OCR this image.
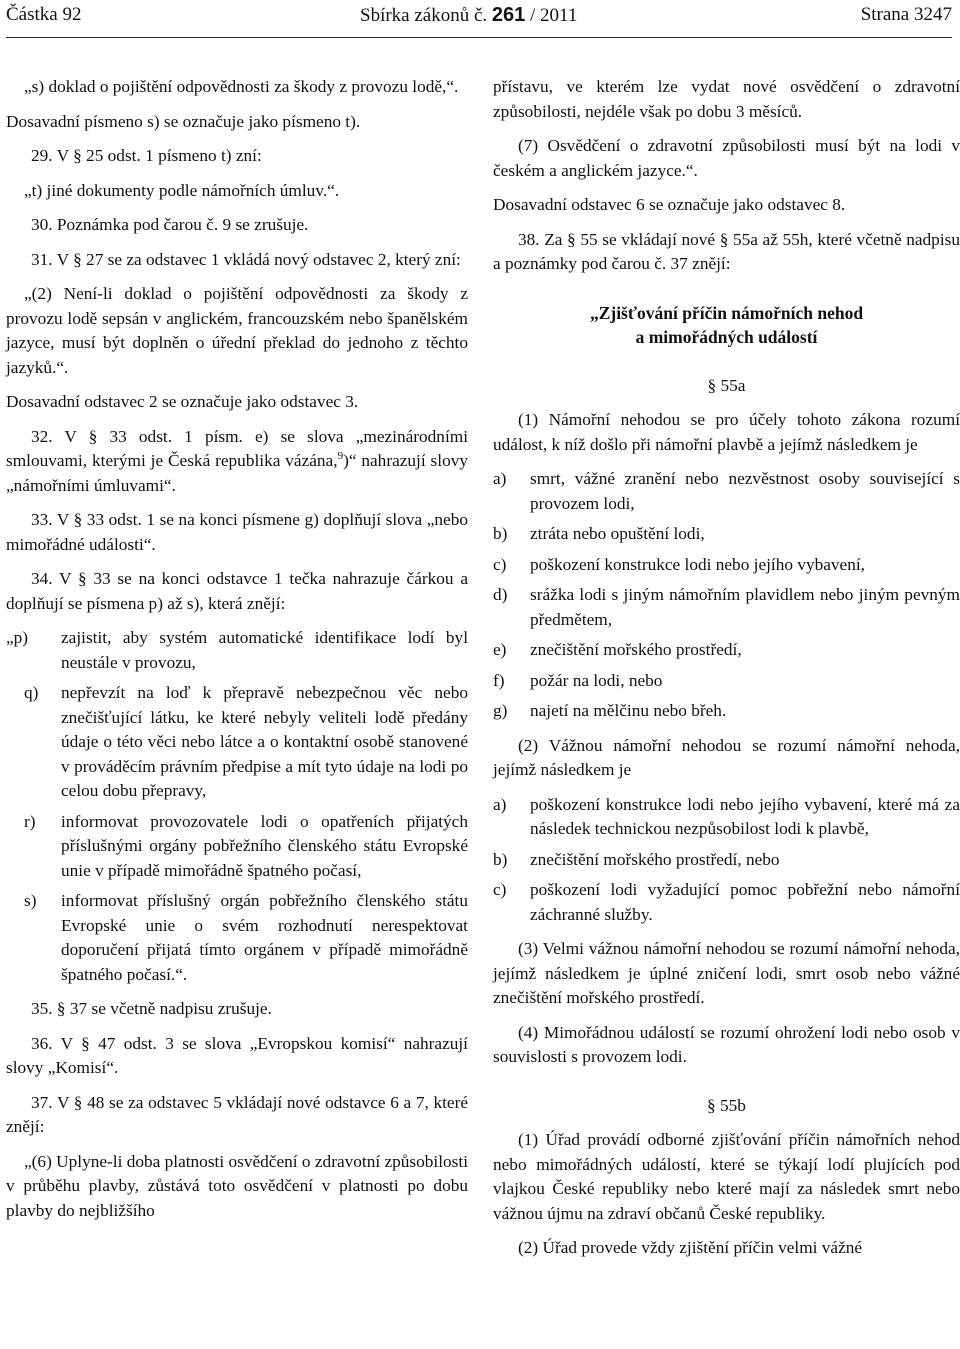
Částka 92	Sbírka zákonů č. 261 / 2011	Strana 3247

„s) doklad o pojištění odpovědnosti za škody z provozu lodě,“.

Dosavadní písmeno s) se označuje jako písmeno t).

29. V § 25 odst. 1 písmeno t) zní:

„t) jiné dokumenty podle námořních úmluv.“.

30. Poznámka pod čarou č. 9 se zrušuje.

31. V § 27 se za odstavec 1 vkládá nový odstavec 2, který zní:

„(2) Není-li doklad o pojištění odpovědnosti za škody z provozu lodě sepsán v anglickém, francouzském nebo španělském jazyce, musí být doplněn o úřední překlad do jednoho z těchto jazyků.“.

Dosavadní odstavec 2 se označuje jako odstavec 3.

32. V § 33 odst. 1 písm. e) se slova „mezinárodními smlouvami, kterými je Česká republika vázána,$^9$)“ nahrazují slovy „námořními úmluvami“.

33. V § 33 odst. 1 se na konci písmene g) doplňují slova „nebo mimořádné události“.

34. V § 33 se na konci odstavce 1 tečka nahrazuje čárkou a doplňují se písmena p) až s), která znějí:

„p) zajistit, aby systém automatické identifikace lodí byl neustále v provozu,
q) nepřevzít na loď k přepravě nebezpečnou věc nebo znečišťující látku, ke které nebyly veliteli lodě předány údaje o této věci nebo látce a o kontaktní osobě stanovené v prováděcím právním předpise a mít tyto údaje na lodi po celou dobu přepravy,
r) informovat provozovatele lodi o opatřeních přijatých příslušnými orgány pobřežního členského státu Evropské unie v případě mimořádně špatného počasí,
s) informovat příslušný orgán pobřežního členského státu Evropské unie o svém rozhodnutí nerespektovat doporučení přijatá tímto orgánem v případě mimořádně špatného počasí.“.

35. § 37 se včetně nadpisu zrušuje.

36. V § 47 odst. 3 se slova „Evropskou komisí“ nahrazují slovy „Komisí“.

37. V § 48 se za odstavec 5 vkládají nové odstavce 6 a 7, které znějí:

„(6) Uplyne-li doba platnosti osvědčení o zdravotní způsobilosti v průběhu plavby, zůstává toto osvědčení v platnosti po dobu plavby do nejbližšího

přístavu, ve kterém lze vydat nové osvědčení o zdravotní způsobilosti, nejdéle však po dobu 3 měsíců.

(7) Osvědčení o zdravotní způsobilosti musí být na lodi v českém a anglickém jazyce.“.

Dosavadní odstavec 6 se označuje jako odstavec 8.

38. Za § 55 se vkládají nové § 55a až 55h, které včetně nadpisu a poznámky pod čarou č. 37 znějí:

„Zjišťování příčin námořních nehod
a mimořádných událostí
§ 55a

(1) Námořní nehodou se pro účely tohoto zákona rozumí událost, k níž došlo při námořní plavbě a jejímž následkem je

a) smrt, vážné zranění nebo nezvěstnost osoby související s provozem lodi,
b) ztráta nebo opuštění lodi,
c) poškození konstrukce lodi nebo jejího vybavení,
d) srážka lodi s jiným námořním plavidlem nebo jiným pevným předmětem,
e) znečištění mořského prostředí,
f) požár na lodi, nebo
g) najetí na mělčinu nebo břeh.

(2) Vážnou námořní nehodou se rozumí námořní nehoda, jejímž následkem je

a) poškození konstrukce lodi nebo jejího vybavení, které má za následek technickou nezpůsobilost lodi k plavbě,
b) znečištění mořského prostředí, nebo
c) poškození lodi vyžadující pomoc pobřežní nebo námořní záchranné služby.

(3) Velmi vážnou námořní nehodou se rozumí námořní nehoda, jejímž následkem je úplné zničení lodi, smrt osob nebo vážné znečištění mořského prostředí.

(4) Mimořádnou událostí se rozumí ohrožení lodi nebo osob v souvislosti s provozem lodi.

§ 55b

(1) Úřad provádí odborné zjišťování příčin námořních nehod nebo mimořádných událostí, které se týkají lodí plujících pod vlajkou České republiky nebo které mají za následek smrt nebo vážnou újmu na zdraví občanů České republiky.

(2) Úřad provede vždy zjištění příčin velmi vážné
